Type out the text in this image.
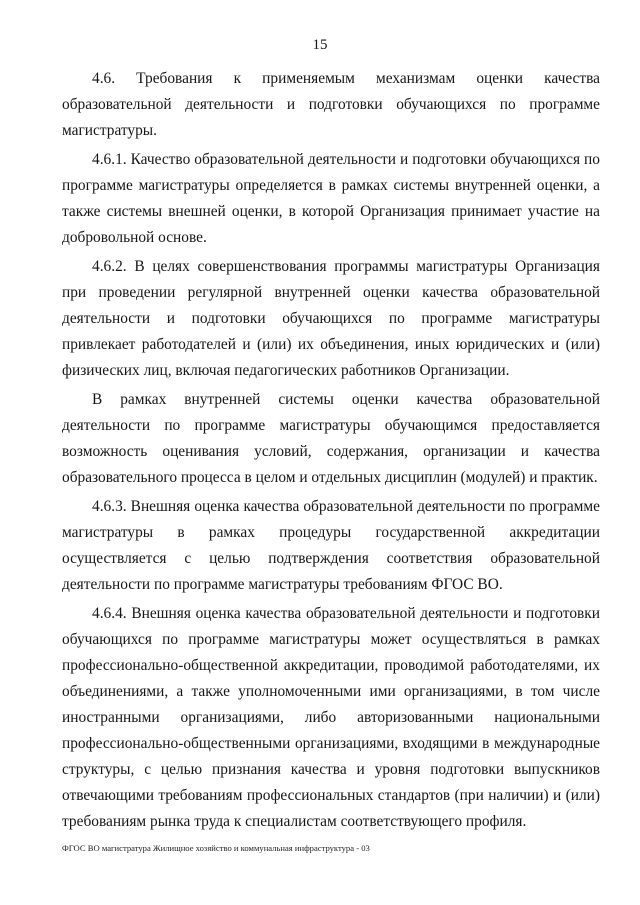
15

4.6. Требования к применяемым механизмам оценки качества образовательной деятельности и подготовки обучающихся по программе магистратуры.

4.6.1. Качество образовательной деятельности и подготовки обучающихся по программе магистратуры определяется в рамках системы внутренней оценки, а также системы внешней оценки, в которой Организация принимает участие на добровольной основе.

4.6.2. В целях совершенствования программы магистратуры Организация при проведении регулярной внутренней оценки качества образовательной деятельности и подготовки обучающихся по программе магистратуры привлекает работодателей и (или) их объединения, иных юридических и (или) физических лиц, включая педагогических работников Организации.

В рамках внутренней системы оценки качества образовательной деятельности по программе магистратуры обучающимся предоставляется возможность оценивания условий, содержания, организации и качества образовательного процесса в целом и отдельных дисциплин (модулей) и практик.

4.6.3. Внешняя оценка качества образовательной деятельности по программе магистратуры в рамках процедуры государственной аккредитации осуществляется с целью подтверждения соответствия образовательной деятельности по программе магистратуры требованиям ФГОС ВО.

4.6.4. Внешняя оценка качества образовательной деятельности и подготовки обучающихся по программе магистратуры может осуществляться в рамках профессионально-общественной аккредитации, проводимой работодателями, их объединениями, а также уполномоченными ими организациями, в том числе иностранными организациями, либо авторизованными национальными профессионально-общественными организациями, входящими в международные структуры, с целью признания качества и уровня подготовки выпускников отвечающими требованиям профессиональных стандартов (при наличии) и (или) требованиям рынка труда к специалистам соответствующего профиля.

ФГОС ВО магистратура Жилищное хозяйство и коммунальная инфраструктура - 03
